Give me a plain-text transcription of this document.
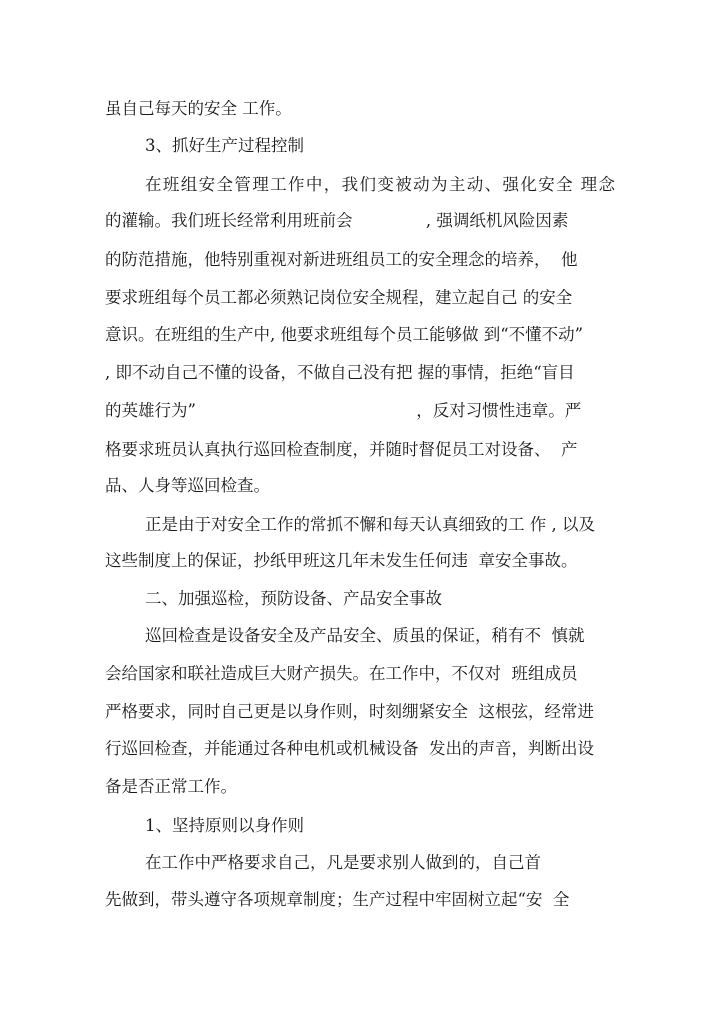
虽自己每天的安全 工作。
3、抓好生产过程控制
在班组安全管理工作中，我们变被动为主动、强化安全 理念
的灌输。我们班长经常利用班前会              , 强调纸机风险因素
的防范措施，他特别重视对新进班组员工的安全理念的培养，  他
要求班组每个员工都必须熟记岗位安全规程，建立起自己 的安全
意识。在班组的生产中, 他要求班组每个员工能够做 到“不懂不动”
, 即不动自己不懂的设备，不做自己没有把 握的事情，拒绝“盲目
的英雄行为”                                          ，反对习惯性违章。严
格要求班员认真执行巡回检查制度，并随时督促员工对设备、  产
品、人身等巡回检查。
正是由于对安全工作的常抓不懈和每天认真细致的工 作 , 以及
这些制度上的保证，抄纸甲班这几年未发生任何违  章安全事故。
二、加强巡检，预防设备、产品安全事故
巡回检查是设备安全及产品安全、质虽的保证，稍有不  慎就
会给国家和联社造成巨大财产损失。在工作中，不仅对  班组成员
严格要求，同时自己更是以身作则，时刻绷紧安全  这根弦，经常进
行巡回检查，并能通过各种电机或机械设备  发出的声音，判断出设
备是否正常工作。
1、坚持原则以身作则
在工作中严格要求自己，凡是要求别人做到的，自己首
先做到，带头遵守各项规章制度；生产过程中牢固树立起“安  全
